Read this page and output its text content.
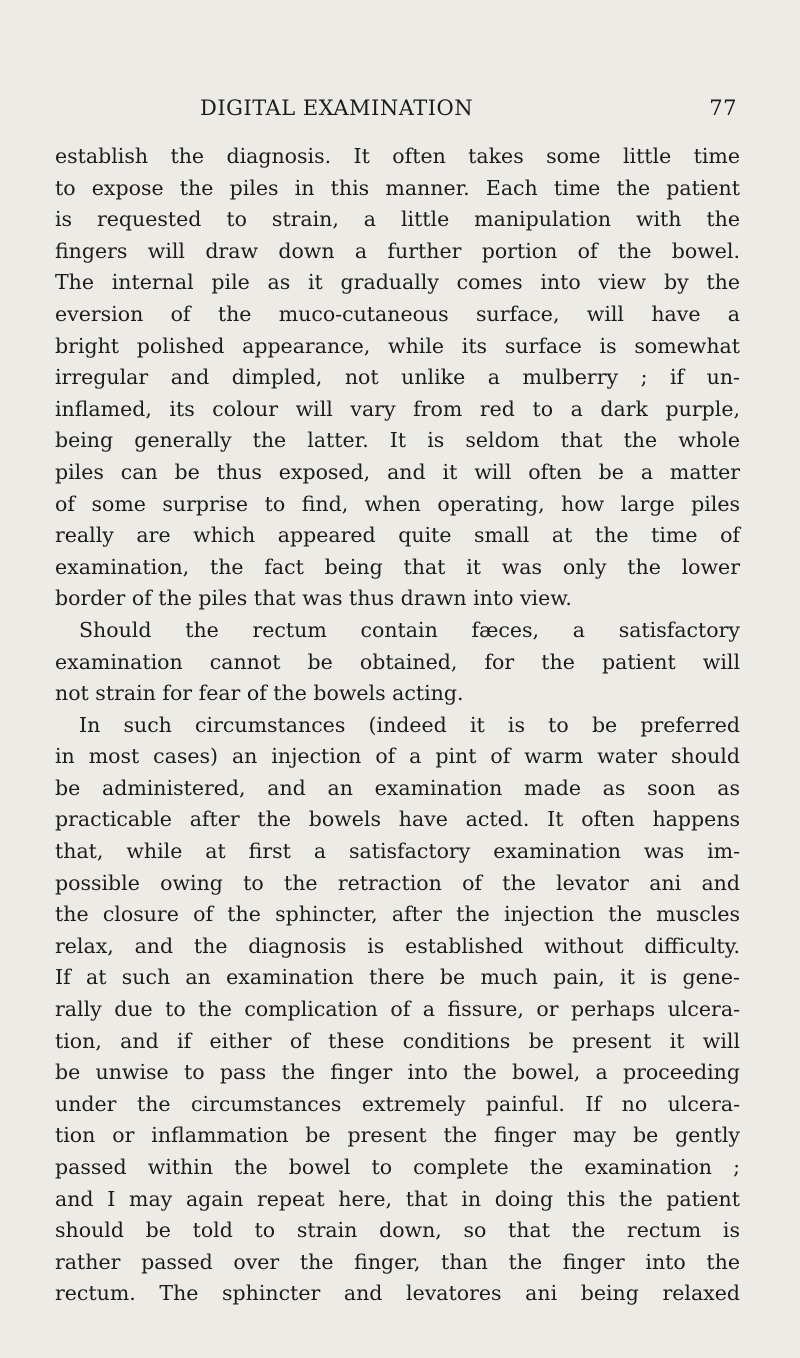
DIGITAL EXAMINATION	77
establish the diagnosis. It often takes some little time
to expose the piles in this manner. Each time the patient
is requested to strain, a little manipulation with the
fingers will draw down a further portion of the bowel.
The internal pile as it gradually comes into view by the
eversion of the muco-cutaneous surface, will have a
bright polished appearance, while its surface is somewhat
irregular and dimpled, not unlike a mulberry ; if un-
inflamed, its colour will vary from red to a dark purple,
being generally the latter. It is seldom that the whole
piles can be thus exposed, and it will often be a matter
of some surprise to find, when operating, how large piles
really are which appeared quite small at the time of
examination, the fact being that it was only the lower
border of the piles that was thus drawn into view.
Should the rectum contain fæces, a satisfactory
examination cannot be obtained, for the patient will
not strain for fear of the bowels acting.
In such circumstances (indeed it is to be preferred
in most cases) an injection of a pint of warm water should
be administered, and an examination made as soon as
practicable after the bowels have acted. It often happens
that, while at first a satisfactory examination was im-
possible owing to the retraction of the levator ani and
the closure of the sphincter, after the injection the muscles
relax, and the diagnosis is established without difficulty.
If at such an examination there be much pain, it is gene-
rally due to the complication of a fissure, or perhaps ulcera-
tion, and if either of these conditions be present it will
be unwise to pass the finger into the bowel, a proceeding
under the circumstances extremely painful. If no ulcera-
tion or inflammation be present the finger may be gently
passed within the bowel to complete the examination ;
and I may again repeat here, that in doing this the patient
should be told to strain down, so that the rectum is
rather passed over the finger, than the finger into the
rectum. The sphincter and levatores ani being relaxed
